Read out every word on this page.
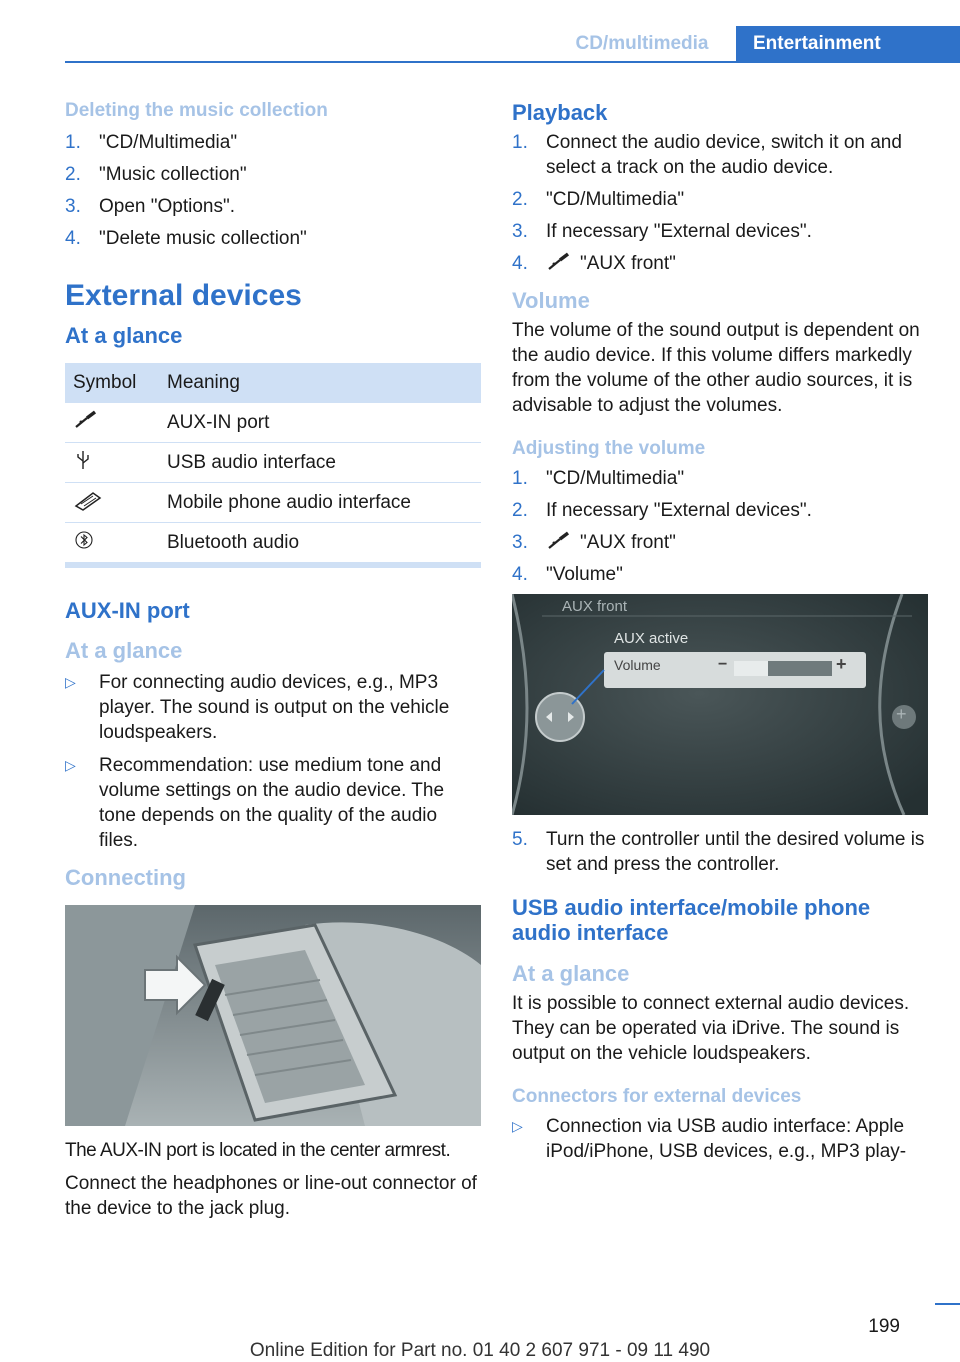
CD/multimedia	Entertainment
Deleting the music collection
1. "CD/Multimedia"
2. "Music collection"
3. Open "Options".
4. "Delete music collection"
External devices
At a glance
Symbol	Meaning
	AUX-IN port
	USB audio interface
	Mobile phone audio interface
	Bluetooth audio
AUX-IN port
At a glance
▷	For connecting audio devices, e.g., MP3 player. The sound is output on the vehicle loudspeakers.
▷	Recommendation: use medium tone and volume settings on the audio device. The tone depends on the quality of the audio files.
Connecting
The AUX-IN port is located in the center armrest.
Connect the headphones or line-out connector of the device to the jack plug.
Playback
1. Connect the audio device, switch it on and select a track on the audio device.
2. "CD/Multimedia"
3. If necessary "External devices".
4.	"AUX front"
Volume
The volume of the sound output is dependent on the audio device. If this volume differs markedly from the volume of the other audio sources, it is advisable to adjust the volumes.
Adjusting the volume
1. "CD/Multimedia"
2. If necessary "External devices".
3.	"AUX front"
4. "Volume"
AUX front
AUX active
Volume	−	+
+
5. Turn the controller until the desired volume is set and press the controller.
USB audio interface/mobile phone audio interface
At a glance
It is possible to connect external audio devices. They can be operated via iDrive. The sound is output on the vehicle loudspeakers.
Connectors for external devices
▷	Connection via USB audio interface: Apple iPod/iPhone, USB devices, e.g., MP3 play-
199
Online Edition for Part no. 01 40 2 607 971 - 09 11 490
